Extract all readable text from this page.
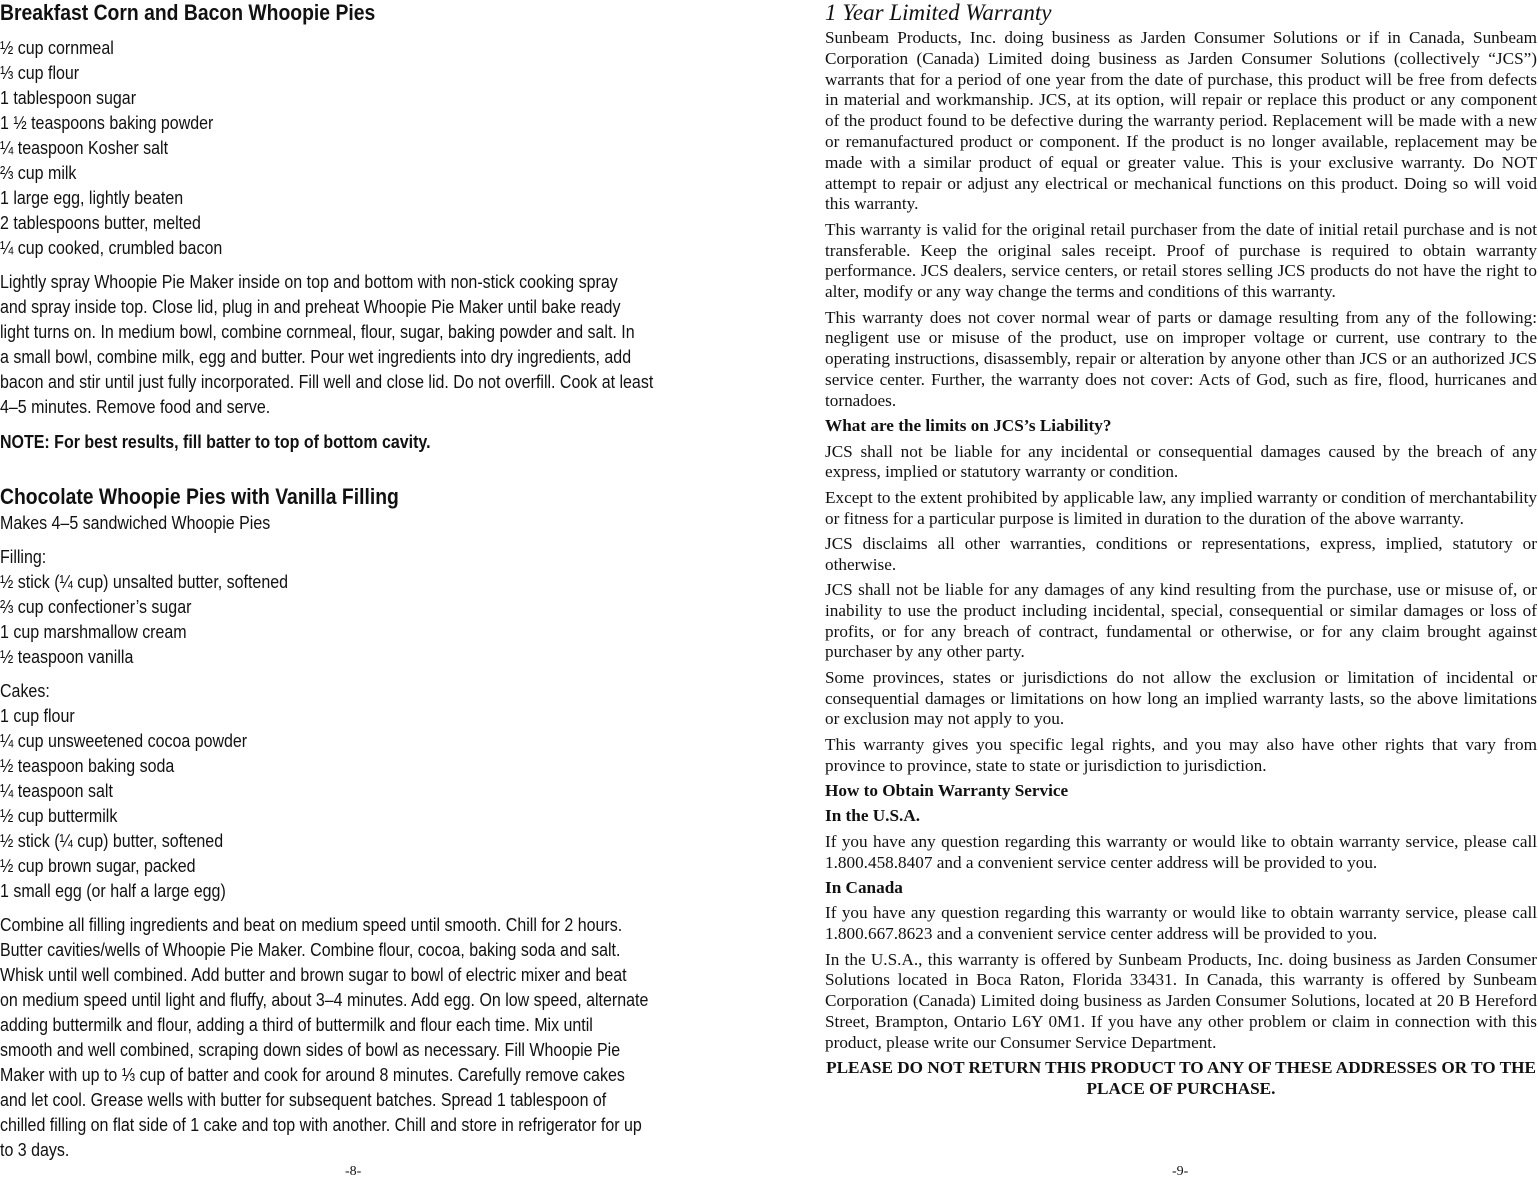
Breakfast Corn and Bacon Whoopie Pies
½ cup cornmeal
⅓ cup flour
1 tablespoon sugar
1 ½ teaspoons baking powder
¼ teaspoon Kosher salt
⅔ cup milk
1 large egg, lightly beaten
2 tablespoons butter, melted
¼ cup cooked, crumbled bacon
Lightly spray Whoopie Pie Maker inside on top and bottom with non-stick cooking spray
and spray inside top. Close lid, plug in and preheat Whoopie Pie Maker until bake ready
light turns on. In medium bowl, combine cornmeal, flour, sugar, baking powder and salt. In
a small bowl, combine milk, egg and butter. Pour wet ingredients into dry ingredients, add
bacon and stir until just fully incorporated. Fill well and close lid. Do not overfill. Cook at least
4–5 minutes. Remove food and serve.
NOTE: For best results, fill batter to top of bottom cavity.
Chocolate Whoopie Pies with Vanilla Filling
Makes 4–5 sandwiched Whoopie Pies
Filling:
½ stick (¼ cup) unsalted butter, softened
⅔ cup confectioner’s sugar
1 cup marshmallow cream
½ teaspoon vanilla
Cakes:
1 cup flour
¼ cup unsweetened cocoa powder
½ teaspoon baking soda
¼ teaspoon salt
½ cup buttermilk
½ stick (¼ cup) butter, softened
½ cup brown sugar, packed
1 small egg (or half a large egg)
Combine all filling ingredients and beat on medium speed until smooth. Chill for 2 hours.
Butter cavities/wells of Whoopie Pie Maker. Combine flour, cocoa, baking soda and salt.
Whisk until well combined. Add butter and brown sugar to bowl of electric mixer and beat
on medium speed until light and fluffy, about 3–4 minutes. Add egg. On low speed, alternate
adding buttermilk and flour, adding a third of buttermilk and flour each time. Mix until
smooth and well combined, scraping down sides of bowl as necessary. Fill Whoopie Pie
Maker with up to ⅓ cup of batter and cook for around 8 minutes. Carefully remove cakes
and let cool. Grease wells with butter for subsequent batches. Spread 1 tablespoon of
chilled filling on flat side of 1 cake and top with another. Chill and store in refrigerator for up
to 3 days.
-8-
1 Year Limited Warranty

Sunbeam Products, Inc. doing business as Jarden Consumer Solutions or if in Canada, Sunbeam Corporation (Canada) Limited doing business as Jarden Consumer Solutions (collectively “JCS”) warrants that for a period of one year from the date of purchase, this product will be free from defects in material and workmanship. JCS, at its option, will repair or replace this product or any component of the product found to be defective during the warranty period. Replacement will be made with a new or remanufactured product or component. If the product is no longer available, replacement may be made with a similar product of equal or greater value. This is your exclusive warranty. Do NOT attempt to repair or adjust any electrical or mechanical functions on this product. Doing so will void this warranty.

This warranty is valid for the original retail purchaser from the date of initial retail purchase and is not transferable. Keep the original sales receipt. Proof of purchase is required to obtain warranty performance. JCS dealers, service centers, or retail stores selling JCS products do not have the right to alter, modify or any way change the terms and conditions of this warranty.

This warranty does not cover normal wear of parts or damage resulting from any of the following: negligent use or misuse of the product, use on improper voltage or current, use contrary to the operating instructions, disassembly, repair or alteration by anyone other than JCS or an authorized JCS service center. Further, the warranty does not cover: Acts of God, such as fire, flood, hurricanes and tornadoes.

What are the limits on JCS’s Liability?

JCS shall not be liable for any incidental or consequential damages caused by the breach of any express, implied or statutory warranty or condition.

Except to the extent prohibited by applicable law, any implied warranty or condition of merchantability or fitness for a particular purpose is limited in duration to the duration of the above warranty.

JCS disclaims all other warranties, conditions or representations, express, implied, statutory or otherwise.

JCS shall not be liable for any damages of any kind resulting from the purchase, use or misuse of, or inability to use the product including incidental, special, consequential or similar damages or loss of profits, or for any breach of contract, fundamental or otherwise, or for any claim brought against purchaser by any other party.

Some provinces, states or jurisdictions do not allow the exclusion or limitation of incidental or consequential damages or limitations on how long an implied warranty lasts, so the above limitations or exclusion may not apply to you.

This warranty gives you specific legal rights, and you may also have other rights that vary from province to province, state to state or jurisdiction to jurisdiction.

How to Obtain Warranty Service
In the U.S.A.

If you have any question regarding this warranty or would like to obtain warranty service, please call 1.800.458.8407 and a convenient service center address will be provided to you.

In Canada

If you have any question regarding this warranty or would like to obtain warranty service, please call 1.800.667.8623 and a convenient service center address will be provided to you.

In the U.S.A., this warranty is offered by Sunbeam Products, Inc. doing business as Jarden Consumer Solutions located in Boca Raton, Florida 33431. In Canada, this warranty is offered by Sunbeam Corporation (Canada) Limited doing business as Jarden Consumer Solutions, located at 20 B Hereford Street, Brampton, Ontario L6Y 0M1. If you have any other problem or claim in connection with this product, please write our Consumer Service Department.

PLEASE DO NOT RETURN THIS PRODUCT TO ANY OF THESE ADDRESSES OR TO THE PLACE OF PURCHASE.
-9-
